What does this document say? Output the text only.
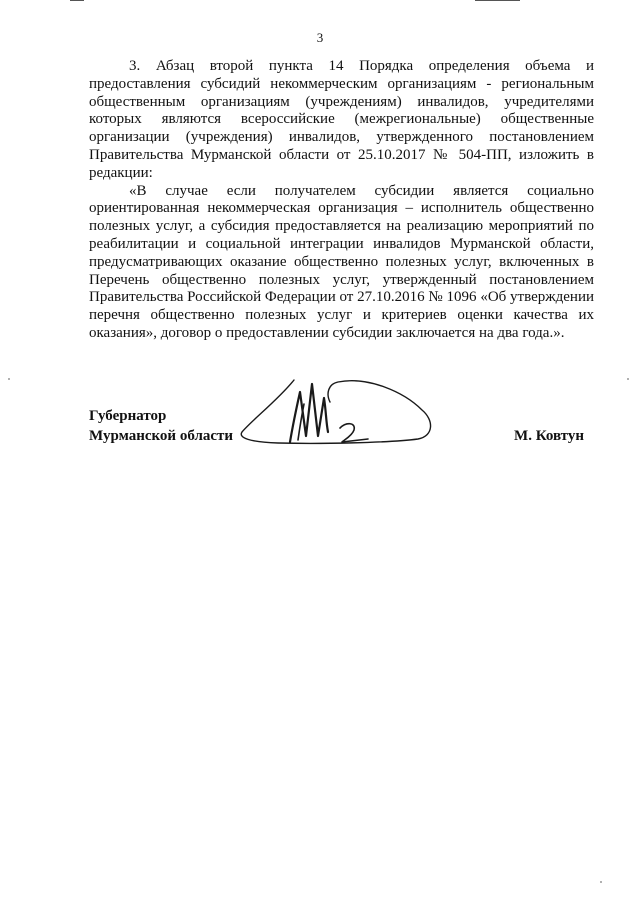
3

3. Абзац второй пункта 14 Порядка определения объема и предоставления субсидий некоммерческим организациям - региональным общественным организациям (учреждениям) инвалидов, учредителями которых являются всероссийские (межрегиональные) общественные организации (учреждения) инвалидов, утвержденного постановлением Правительства Мурманской области от 25.10.2017 № 504-ПП, изложить в редакции:

«В случае если получателем субсидии является социально ориентированная некоммерческая организация – исполнитель общественно полезных услуг, а субсидия предоставляется на реализацию мероприятий по реабилитации и социальной интеграции инвалидов Мурманской области, предусматривающих оказание общественно полезных услуг, включенных в Перечень общественно полезных услуг, утвержденный постановлением Правительства Российской Федерации от 27.10.2016 № 1096 «Об утверждении перечня общественно полезных услуг и критериев оценки качества их оказания», договор о предоставлении субсидии заключается на два года.».

Губернатор
Мурманской области	М. Ковтун
